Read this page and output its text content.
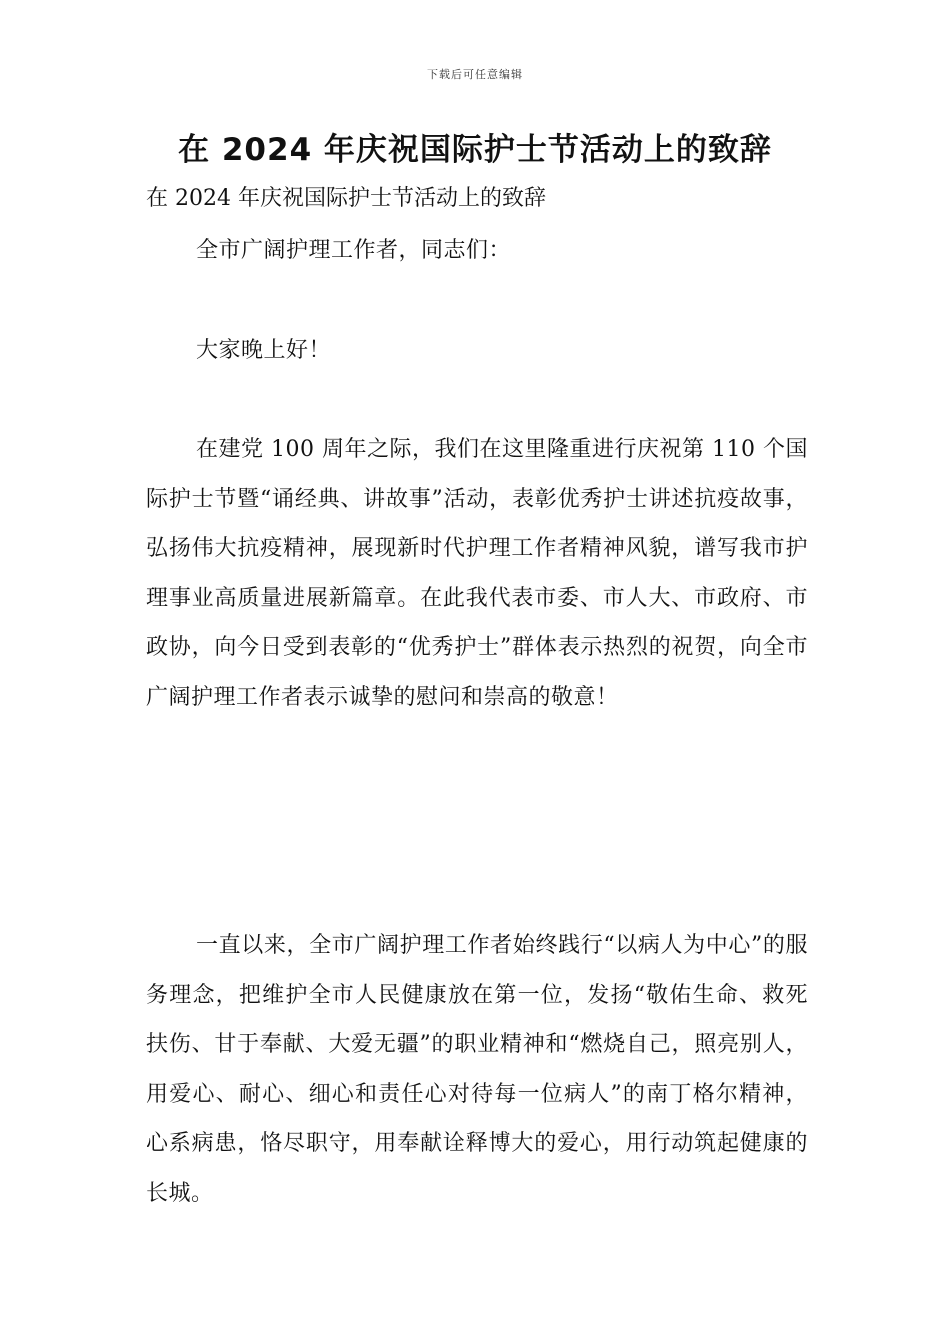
下载后可任意编辑
在 2024 年庆祝国际护士节活动上的致辞

在 2024 年庆祝国际护士节活动上的致辞

全市广阔护理工作者，同志们：

大家晚上好！

在建党 100 周年之际，我们在这里隆重进行庆祝第 110 个国际护士节暨“诵经典、讲故事”活动，表彰优秀护士讲述抗疫故事，弘扬伟大抗疫精神，展现新时代护理工作者精神风貌，谱写我市护理事业高质量进展新篇章。在此我代表市委、市人大、市政府、市政协，向今日受到表彰的“优秀护士”群体表示热烈的祝贺，向全市广阔护理工作者表示诚挚的慰问和崇高的敬意！

一直以来，全市广阔护理工作者始终践行“以病人为中心”的服务理念，把维护全市人民健康放在第一位，发扬“敬佑生命、救死扶伤、甘于奉献、大爱无疆”的职业精神和“燃烧自己，照亮别人，用爱心、耐心、细心和责任心对待每一位病人”的南丁格尔精神，心系病患，恪尽职守，用奉献诠释博大的爱心，用行动筑起健康的长城。
